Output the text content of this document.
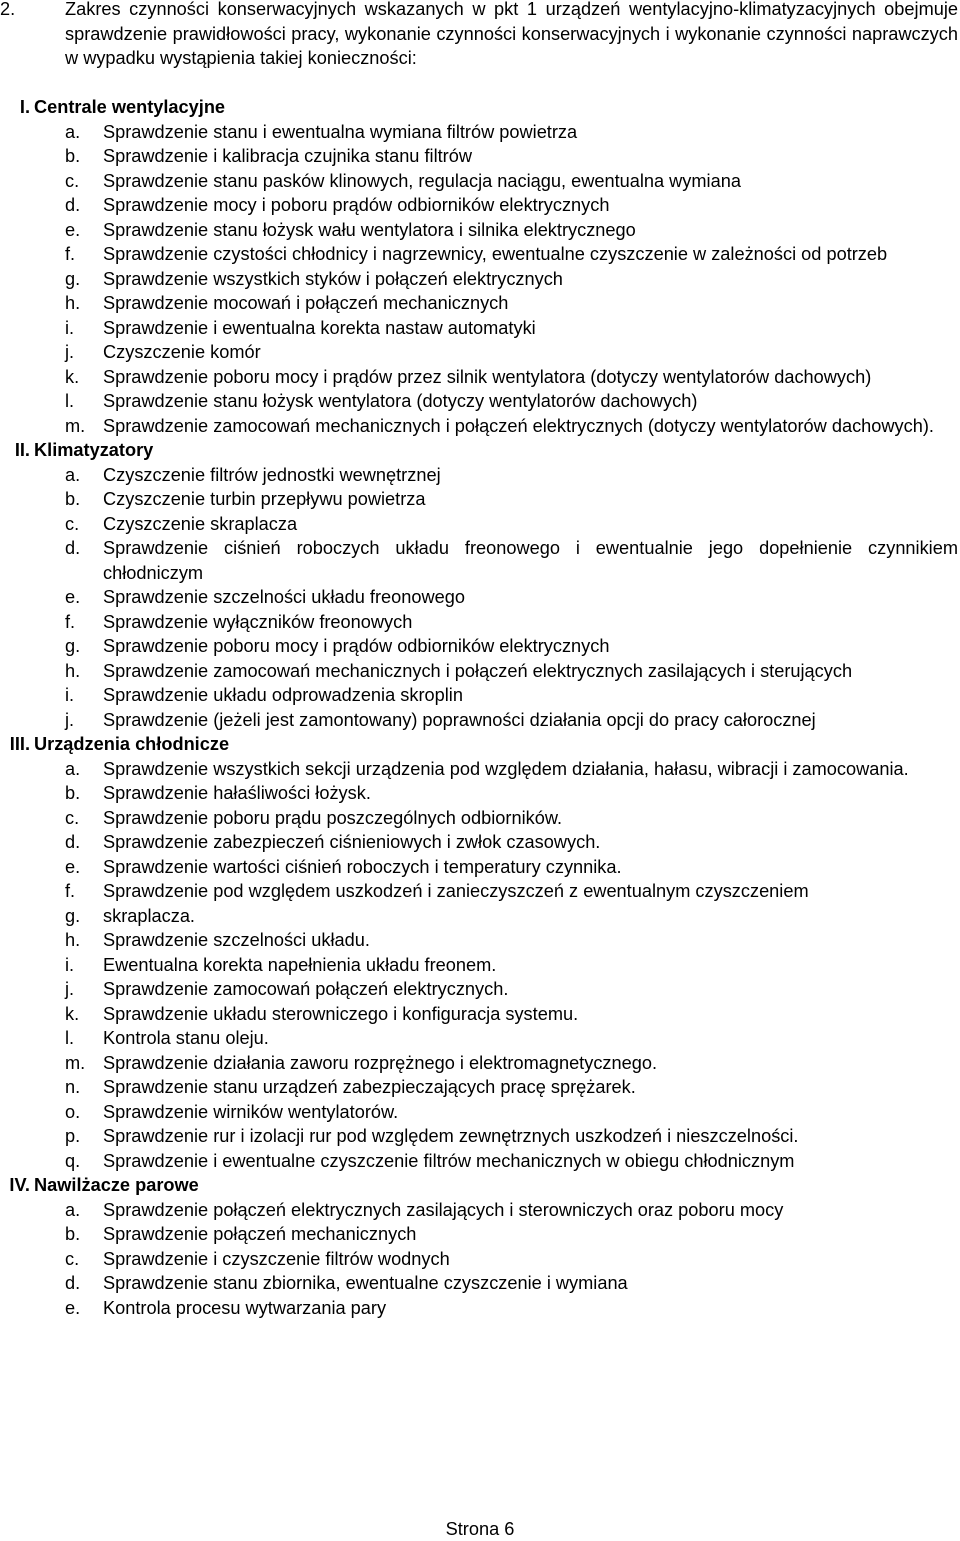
2.	Zakres czynności konserwacyjnych wskazanych w pkt 1 urządzeń wentylacyjno-klimatyzacyjnych obejmuje sprawdzenie prawidłowości pracy, wykonanie czynności konserwacyjnych i wykonanie czynności naprawczych w wypadku wystąpienia takiej konieczności:
I. Centrale wentylacyjne
a. Sprawdzenie stanu i ewentualna wymiana filtrów powietrza
b. Sprawdzenie i kalibracja czujnika stanu filtrów
c. Sprawdzenie stanu pasków klinowych, regulacja naciągu, ewentualna wymiana
d. Sprawdzenie mocy i poboru prądów odbiorników elektrycznych
e. Sprawdzenie stanu łożysk wału wentylatora i silnika elektrycznego
f. Sprawdzenie czystości chłodnicy i nagrzewnicy, ewentualne czyszczenie w zależności od potrzeb
g. Sprawdzenie wszystkich styków i połączeń elektrycznych
h. Sprawdzenie mocowań i połączeń mechanicznych
i. Sprawdzenie i ewentualna korekta nastaw automatyki
j. Czyszczenie komór
k. Sprawdzenie poboru mocy i prądów przez silnik wentylatora (dotyczy wentylatorów dachowych)
l. Sprawdzenie stanu łożysk wentylatora (dotyczy wentylatorów dachowych)
m. Sprawdzenie zamocowań mechanicznych i połączeń elektrycznych (dotyczy wentylatorów dachowych).
II. Klimatyzatory
a. Czyszczenie filtrów jednostki wewnętrznej
b. Czyszczenie turbin przepływu powietrza
c. Czyszczenie skraplacza
d. Sprawdzenie ciśnień roboczych układu freonowego i ewentualnie jego dopełnienie czynnikiem chłodniczym
e. Sprawdzenie szczelności układu freonowego
f. Sprawdzenie wyłączników freonowych
g. Sprawdzenie poboru mocy i prądów odbiorników elektrycznych
h. Sprawdzenie zamocowań mechanicznych i połączeń elektrycznych zasilających i sterujących
i. Sprawdzenie układu odprowadzenia skroplin
j. Sprawdzenie (jeżeli jest zamontowany) poprawności działania opcji do pracy całorocznej
III. Urządzenia chłodnicze
a. Sprawdzenie wszystkich sekcji urządzenia pod względem działania, hałasu, wibracji i zamocowania.
b. Sprawdzenie hałaśliwości łożysk.
c. Sprawdzenie poboru prądu poszczególnych odbiorników.
d. Sprawdzenie zabezpieczeń ciśnieniowych i zwłok czasowych.
e. Sprawdzenie wartości ciśnień roboczych i temperatury czynnika.
f. Sprawdzenie pod względem uszkodzeń i zanieczyszczeń z ewentualnym czyszczeniem
g. skraplacza.
h. Sprawdzenie szczelności układu.
i. Ewentualna korekta napełnienia układu freonem.
j. Sprawdzenie zamocowań połączeń elektrycznych.
k. Sprawdzenie układu sterowniczego i konfiguracja systemu.
l. Kontrola stanu oleju.
m. Sprawdzenie działania zaworu rozprężnego i elektromagnetycznego.
n. Sprawdzenie stanu urządzeń zabezpieczających pracę sprężarek.
o. Sprawdzenie wirników wentylatorów.
p. Sprawdzenie rur i izolacji rur pod względem zewnętrznych uszkodzeń i nieszczelności.
q. Sprawdzenie i ewentualne czyszczenie filtrów mechanicznych w obiegu chłodnicznym
IV. Nawilżacze parowe
a. Sprawdzenie połączeń elektrycznych zasilających i sterowniczych oraz poboru mocy
b. Sprawdzenie połączeń mechanicznych
c. Sprawdzenie i czyszczenie filtrów wodnych
d. Sprawdzenie stanu zbiornika, ewentualne czyszczenie i wymiana
e. Kontrola procesu wytwarzania pary
Strona 6
